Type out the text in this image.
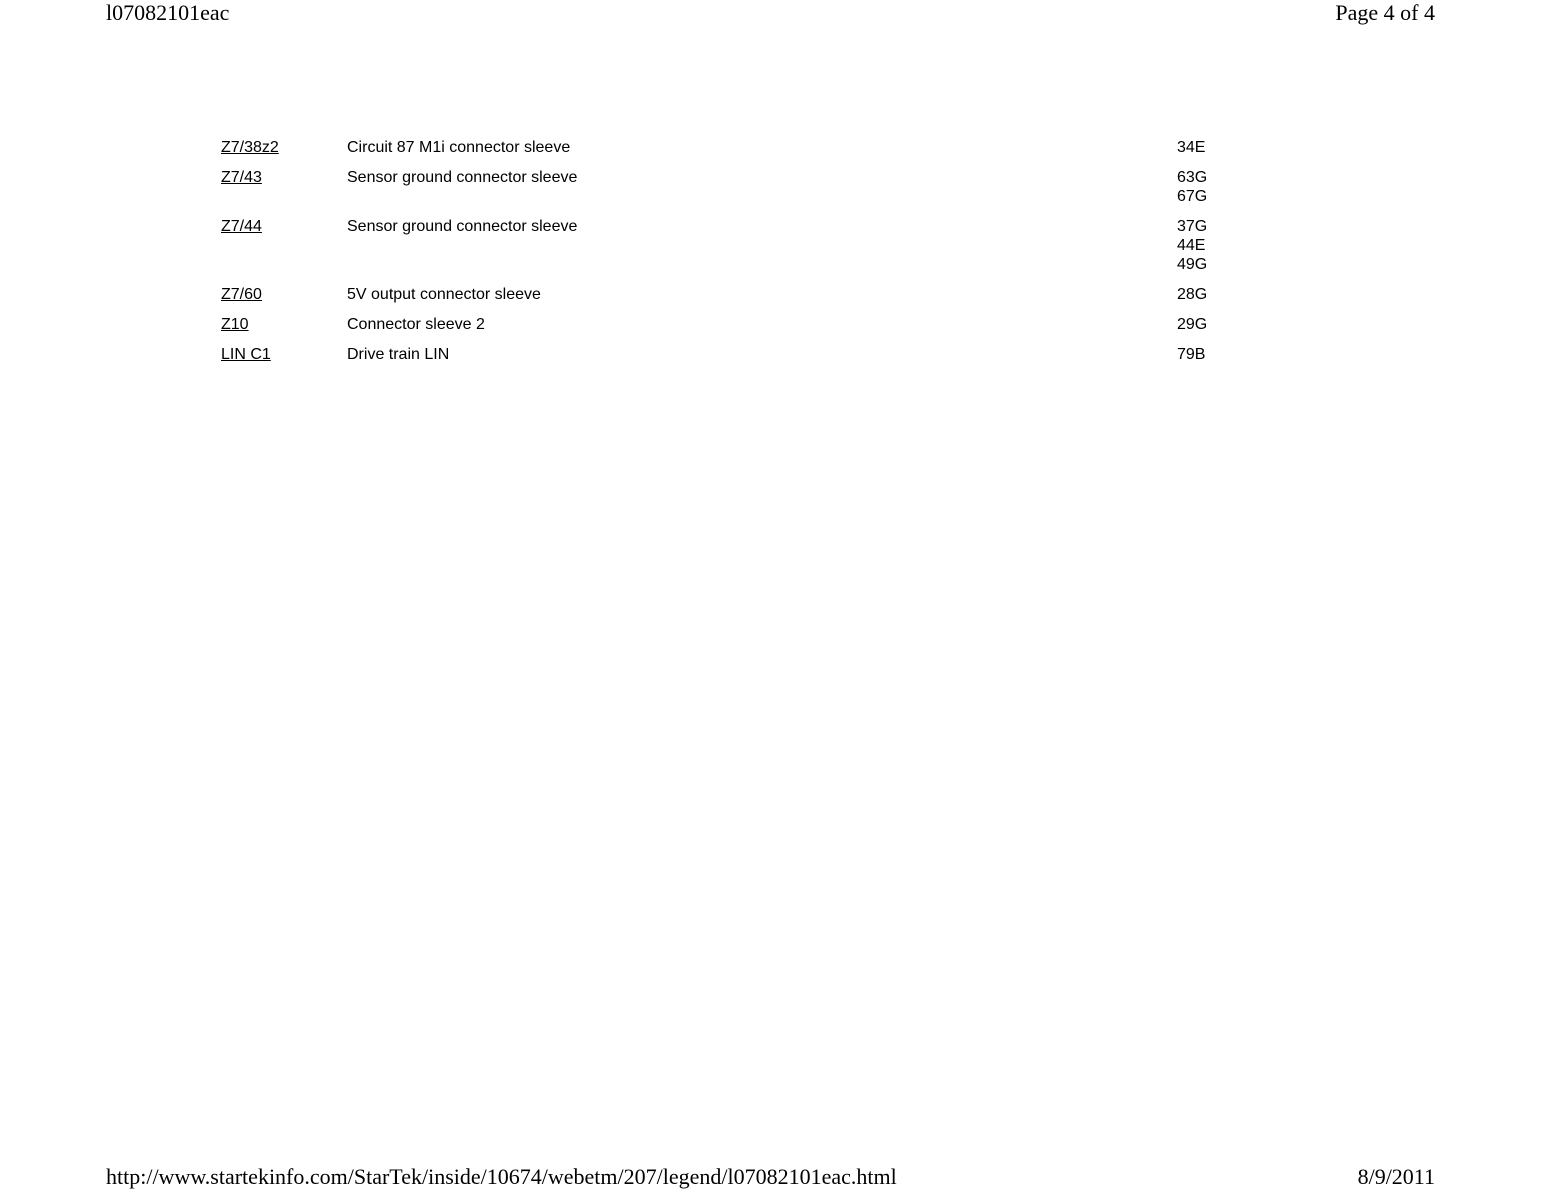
l07082101eac	Page 4 of 4
Z7/38z2	Circuit 87 M1i connector sleeve	34E
Z7/43	Sensor ground connector sleeve	63G
67G
Z7/44	Sensor ground connector sleeve	37G
44E
49G
Z7/60	5V output connector sleeve	28G
Z10	Connector sleeve 2	29G
LIN C1	Drive train LIN	79B
http://www.startekinfo.com/StarTek/inside/10674/webetm/207/legend/l07082101eac.html	8/9/2011
